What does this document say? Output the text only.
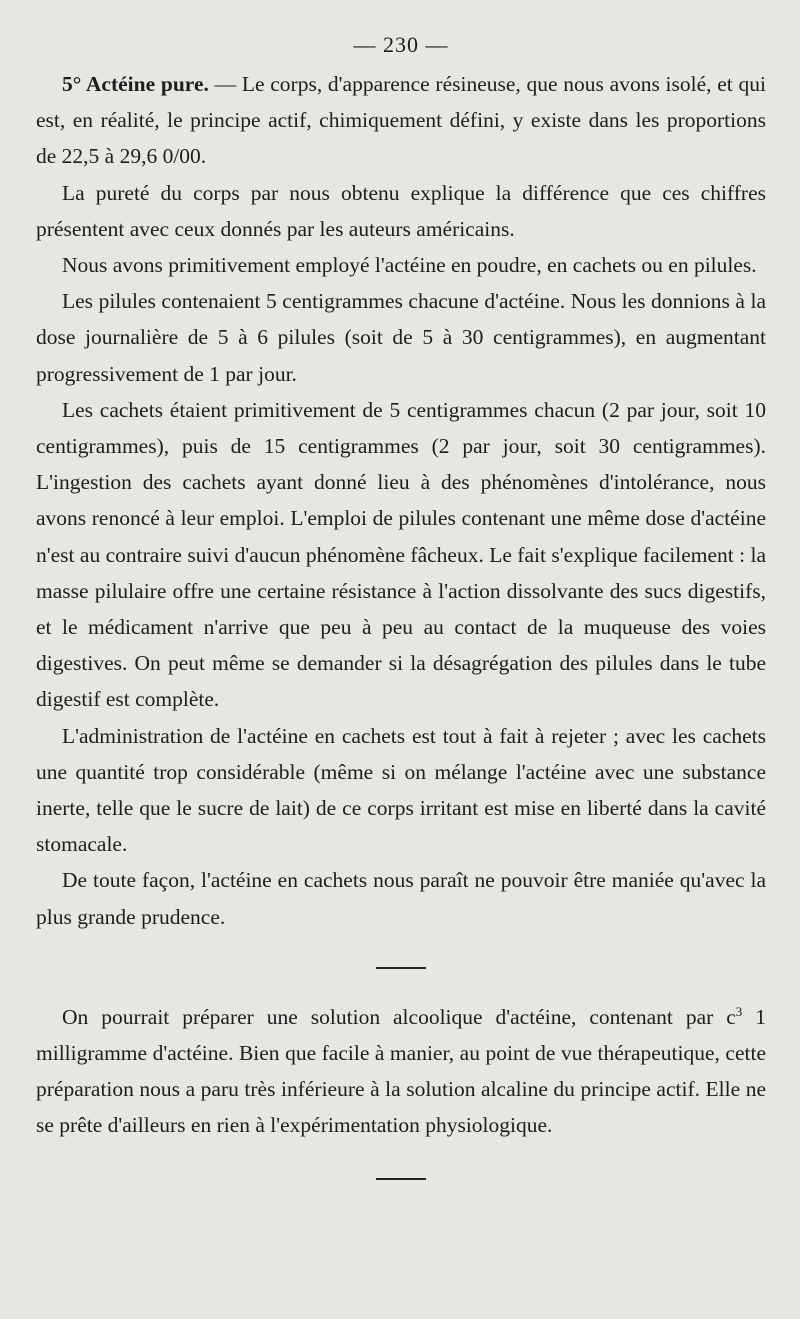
— 230 —

5° Actéine pure. — Le corps, d'apparence résineuse, que nous avons isolé, et qui est, en réalité, le principe actif, chimiquement défini, y existe dans les proportions de 22,5 à 29,6 0/00.

La pureté du corps par nous obtenu explique la différence que ces chiffres présentent avec ceux donnés par les auteurs américains.

Nous avons primitivement employé l'actéine en poudre, en cachets ou en pilules.

Les pilules contenaient 5 centigrammes chacune d'actéine. Nous les donnions à la dose journalière de 5 à 6 pilules (soit de 5 à 30 centigrammes), en augmentant progressivement de 1 par jour.

Les cachets étaient primitivement de 5 centigrammes chacun (2 par jour, soit 10 centigrammes), puis de 15 centigrammes (2 par jour, soit 30 centigrammes). L'ingestion des cachets ayant donné lieu à des phénomènes d'intolérance, nous avons renoncé à leur emploi. L'emploi de pilules contenant une même dose d'actéine n'est au contraire suivi d'aucun phénomène fâcheux. Le fait s'explique facilement : la masse pilulaire offre une certaine résistance à l'action dissolvante des sucs digestifs, et le médicament n'arrive que peu à peu au contact de la muqueuse des voies digestives. On peut même se demander si la désagrégation des pilules dans le tube digestif est complète.

L'administration de l'actéine en cachets est tout à fait à rejeter ; avec les cachets une quantité trop considérable (même si on mélange l'actéine avec une substance inerte, telle que le sucre de lait) de ce corps irritant est mise en liberté dans la cavité stomacale.

De toute façon, l'actéine en cachets nous paraît ne pouvoir être maniée qu'avec la plus grande prudence.

On pourrait préparer une solution alcoolique d'actéine, contenant par $c^3$ 1 milligramme d'actéine. Bien que facile à manier, au point de vue thérapeutique, cette préparation nous a paru très inférieure à la solution alcaline du principe actif. Elle ne se prête d'ailleurs en rien à l'expérimentation physiologique.
